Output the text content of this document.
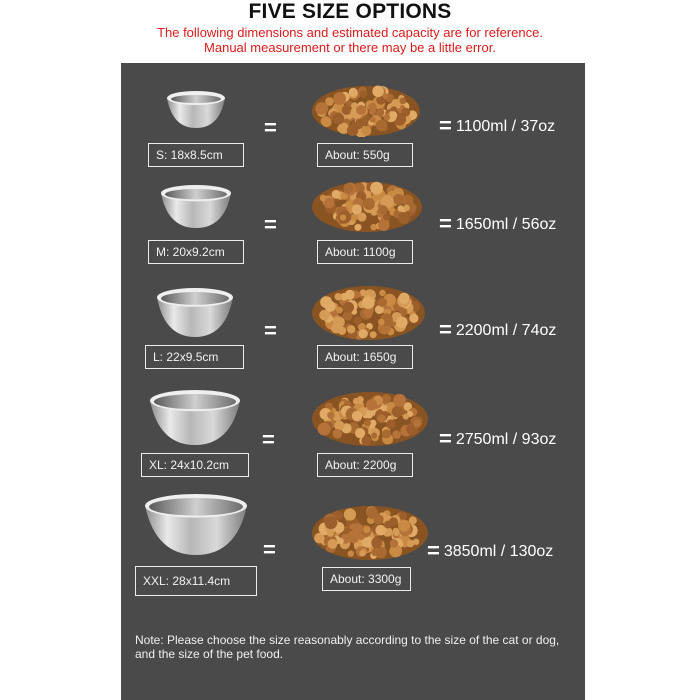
FIVE SIZE OPTIONS
The following dimensions and estimated capacity are for reference.
Manual measurement or there may be a little error.
S: 18x8.5cm
=
About: 550g
= 1100ml / 37oz
M: 20x9.2cm
=
About: 1100g
= 1650ml / 56oz
L: 22x9.5cm
=
About: 1650g
= 2200ml / 74oz
XL: 24x10.2cm
=
About: 2200g
= 2750ml / 93oz
XXL: 28x11.4cm
=
About: 3300g
= 3850ml / 130oz
Note: Please choose the size reasonably according to the size of the cat or dog, and the size of the pet food.
